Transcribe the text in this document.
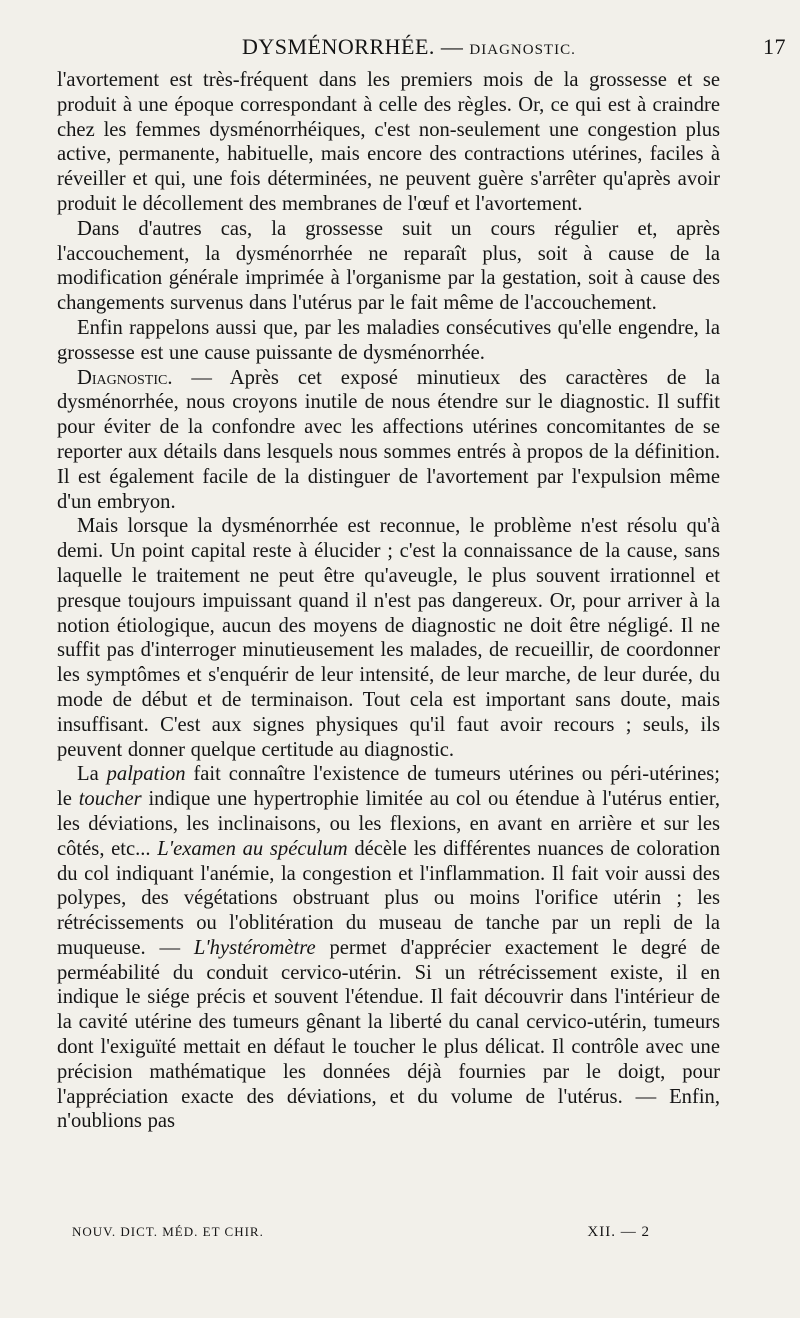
DYSMÉNORRHÉE. — DIAGNOSTIC.	17

l'avortement est très-fréquent dans les premiers mois de la grossesse et se produit à une époque correspondant à celle des règles. Or, ce qui est à craindre chez les femmes dysménorrhéiques, c'est non-seulement une congestion plus active, permanente, habituelle, mais encore des contractions utérines, faciles à réveiller et qui, une fois déterminées, ne peuvent guère s'arrêter qu'après avoir produit le décollement des membranes de l'œuf et l'avortement.

Dans d'autres cas, la grossesse suit un cours régulier et, après l'accouchement, la dysménorrhée ne reparaît plus, soit à cause de la modification générale imprimée à l'organisme par la gestation, soit à cause des changements survenus dans l'utérus par le fait même de l'accouchement.

Enfin rappelons aussi que, par les maladies consécutives qu'elle engendre, la grossesse est une cause puissante de dysménorrhée.

Diagnostic. — Après cet exposé minutieux des caractères de la dysménorrhée, nous croyons inutile de nous étendre sur le diagnostic. Il suffit pour éviter de la confondre avec les affections utérines concomitantes de se reporter aux détails dans lesquels nous sommes entrés à propos de la définition. Il est également facile de la distinguer de l'avortement par l'expulsion même d'un embryon.

Mais lorsque la dysménorrhée est reconnue, le problème n'est résolu qu'à demi. Un point capital reste à élucider ; c'est la connaissance de la cause, sans laquelle le traitement ne peut être qu'aveugle, le plus souvent irrationnel et presque toujours impuissant quand il n'est pas dangereux. Or, pour arriver à la notion étiologique, aucun des moyens de diagnostic ne doit être négligé. Il ne suffit pas d'interroger minutieusement les malades, de recueillir, de coordonner les symptômes et s'enquérir de leur intensité, de leur marche, de leur durée, du mode de début et de terminaison. Tout cela est important sans doute, mais insuffisant. C'est aux signes physiques qu'il faut avoir recours ; seuls, ils peuvent donner quelque certitude au diagnostic.

La palpation fait connaître l'existence de tumeurs utérines ou péri-utérines; le toucher indique une hypertrophie limitée au col ou étendue à l'utérus entier, les déviations, les inclinaisons, ou les flexions, en avant en arrière et sur les côtés, etc... L'examen au spéculum décèle les différentes nuances de coloration du col indiquant l'anémie, la congestion et l'inflammation. Il fait voir aussi des polypes, des végétations obstruant plus ou moins l'orifice utérin ; les rétrécissements ou l'oblitération du museau de tanche par un repli de la muqueuse. — L'hystéromètre permet d'apprécier exactement le degré de perméabilité du conduit cervico-utérin. Si un rétrécissement existe, il en indique le siége précis et souvent l'étendue. Il fait découvrir dans l'intérieur de la cavité utérine des tumeurs gênant la liberté du canal cervico-utérin, tumeurs dont l'exiguïté mettait en défaut le toucher le plus délicat. Il contrôle avec une précision mathématique les données déjà fournies par le doigt, pour l'appréciation exacte des déviations, et du volume de l'utérus. — Enfin, n'oublions pas

NOUV. DICT. MÉD. ET CHIR.	XII. — 2
